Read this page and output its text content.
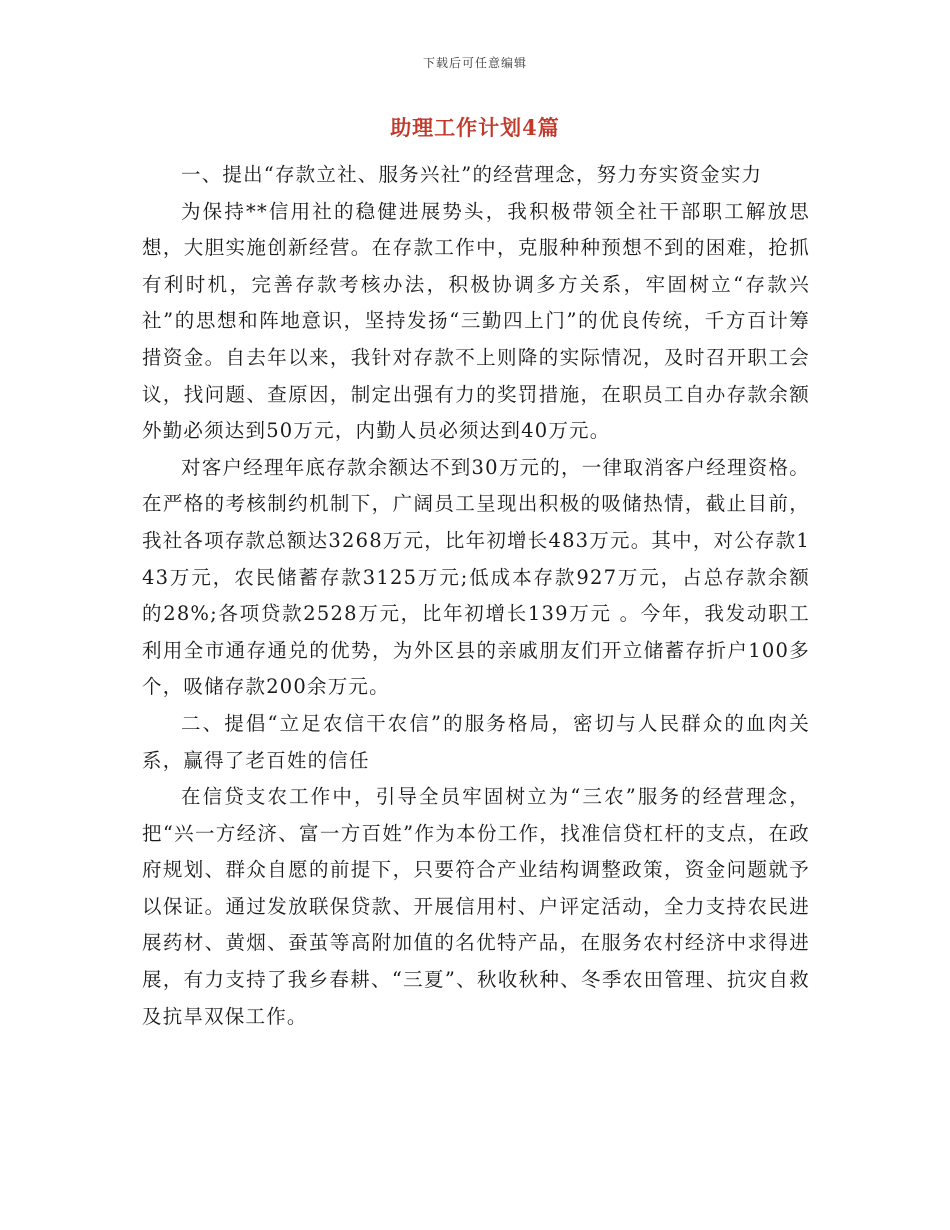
下载后可任意编辑
助理工作计划4篇

一、提出“存款立社、服务兴社”的经营理念，努力夯实资金实力

为保持**信用社的稳健进展势头，我积极带领全社干部职工解放思想，大胆实施创新经营。在存款工作中，克服种种预想不到的困难，抢抓有利时机，完善存款考核办法，积极协调多方关系，牢固树立“存款兴社”的思想和阵地意识，坚持发扬“三勤四上门”的优良传统，千方百计筹措资金。自去年以来，我针对存款不上则降的实际情况，及时召开职工会议，找问题、查原因，制定出强有力的奖罚措施，在职员工自办存款余额外勤必须达到50万元，内勤人员必须达到40万元。

对客户经理年底存款余额达不到30万元的，一律取消客户经理资格。在严格的考核制约机制下，广阔员工呈现出积极的吸储热情，截止目前，我社各项存款总额达3268万元，比年初增长483万元。其中，对公存款143万元，农民储蓄存款3125万元;低成本存款927万元，占总存款余额的28%;各项贷款2528万元，比年初增长139万元 。今年，我发动职工利用全市通存通兑的优势，为外区县的亲戚朋友们开立储蓄存折户100多个，吸储存款200余万元。

二、提倡“立足农信干农信”的服务格局，密切与人民群众的血肉关系，赢得了老百姓的信任

在信贷支农工作中，引导全员牢固树立为“三农”服务的经营理念，把“兴一方经济、富一方百姓”作为本份工作，找准信贷杠杆的支点，在政府规划、群众自愿的前提下，只要符合产业结构调整政策，资金问题就予以保证。通过发放联保贷款、开展信用村、户评定活动，全力支持农民进展药材、黄烟、蚕茧等高附加值的名优特产品，在服务农村经济中求得进展，有力支持了我乡春耕、“三夏”、秋收秋种、冬季农田管理、抗灾自救及抗旱双保工作。
